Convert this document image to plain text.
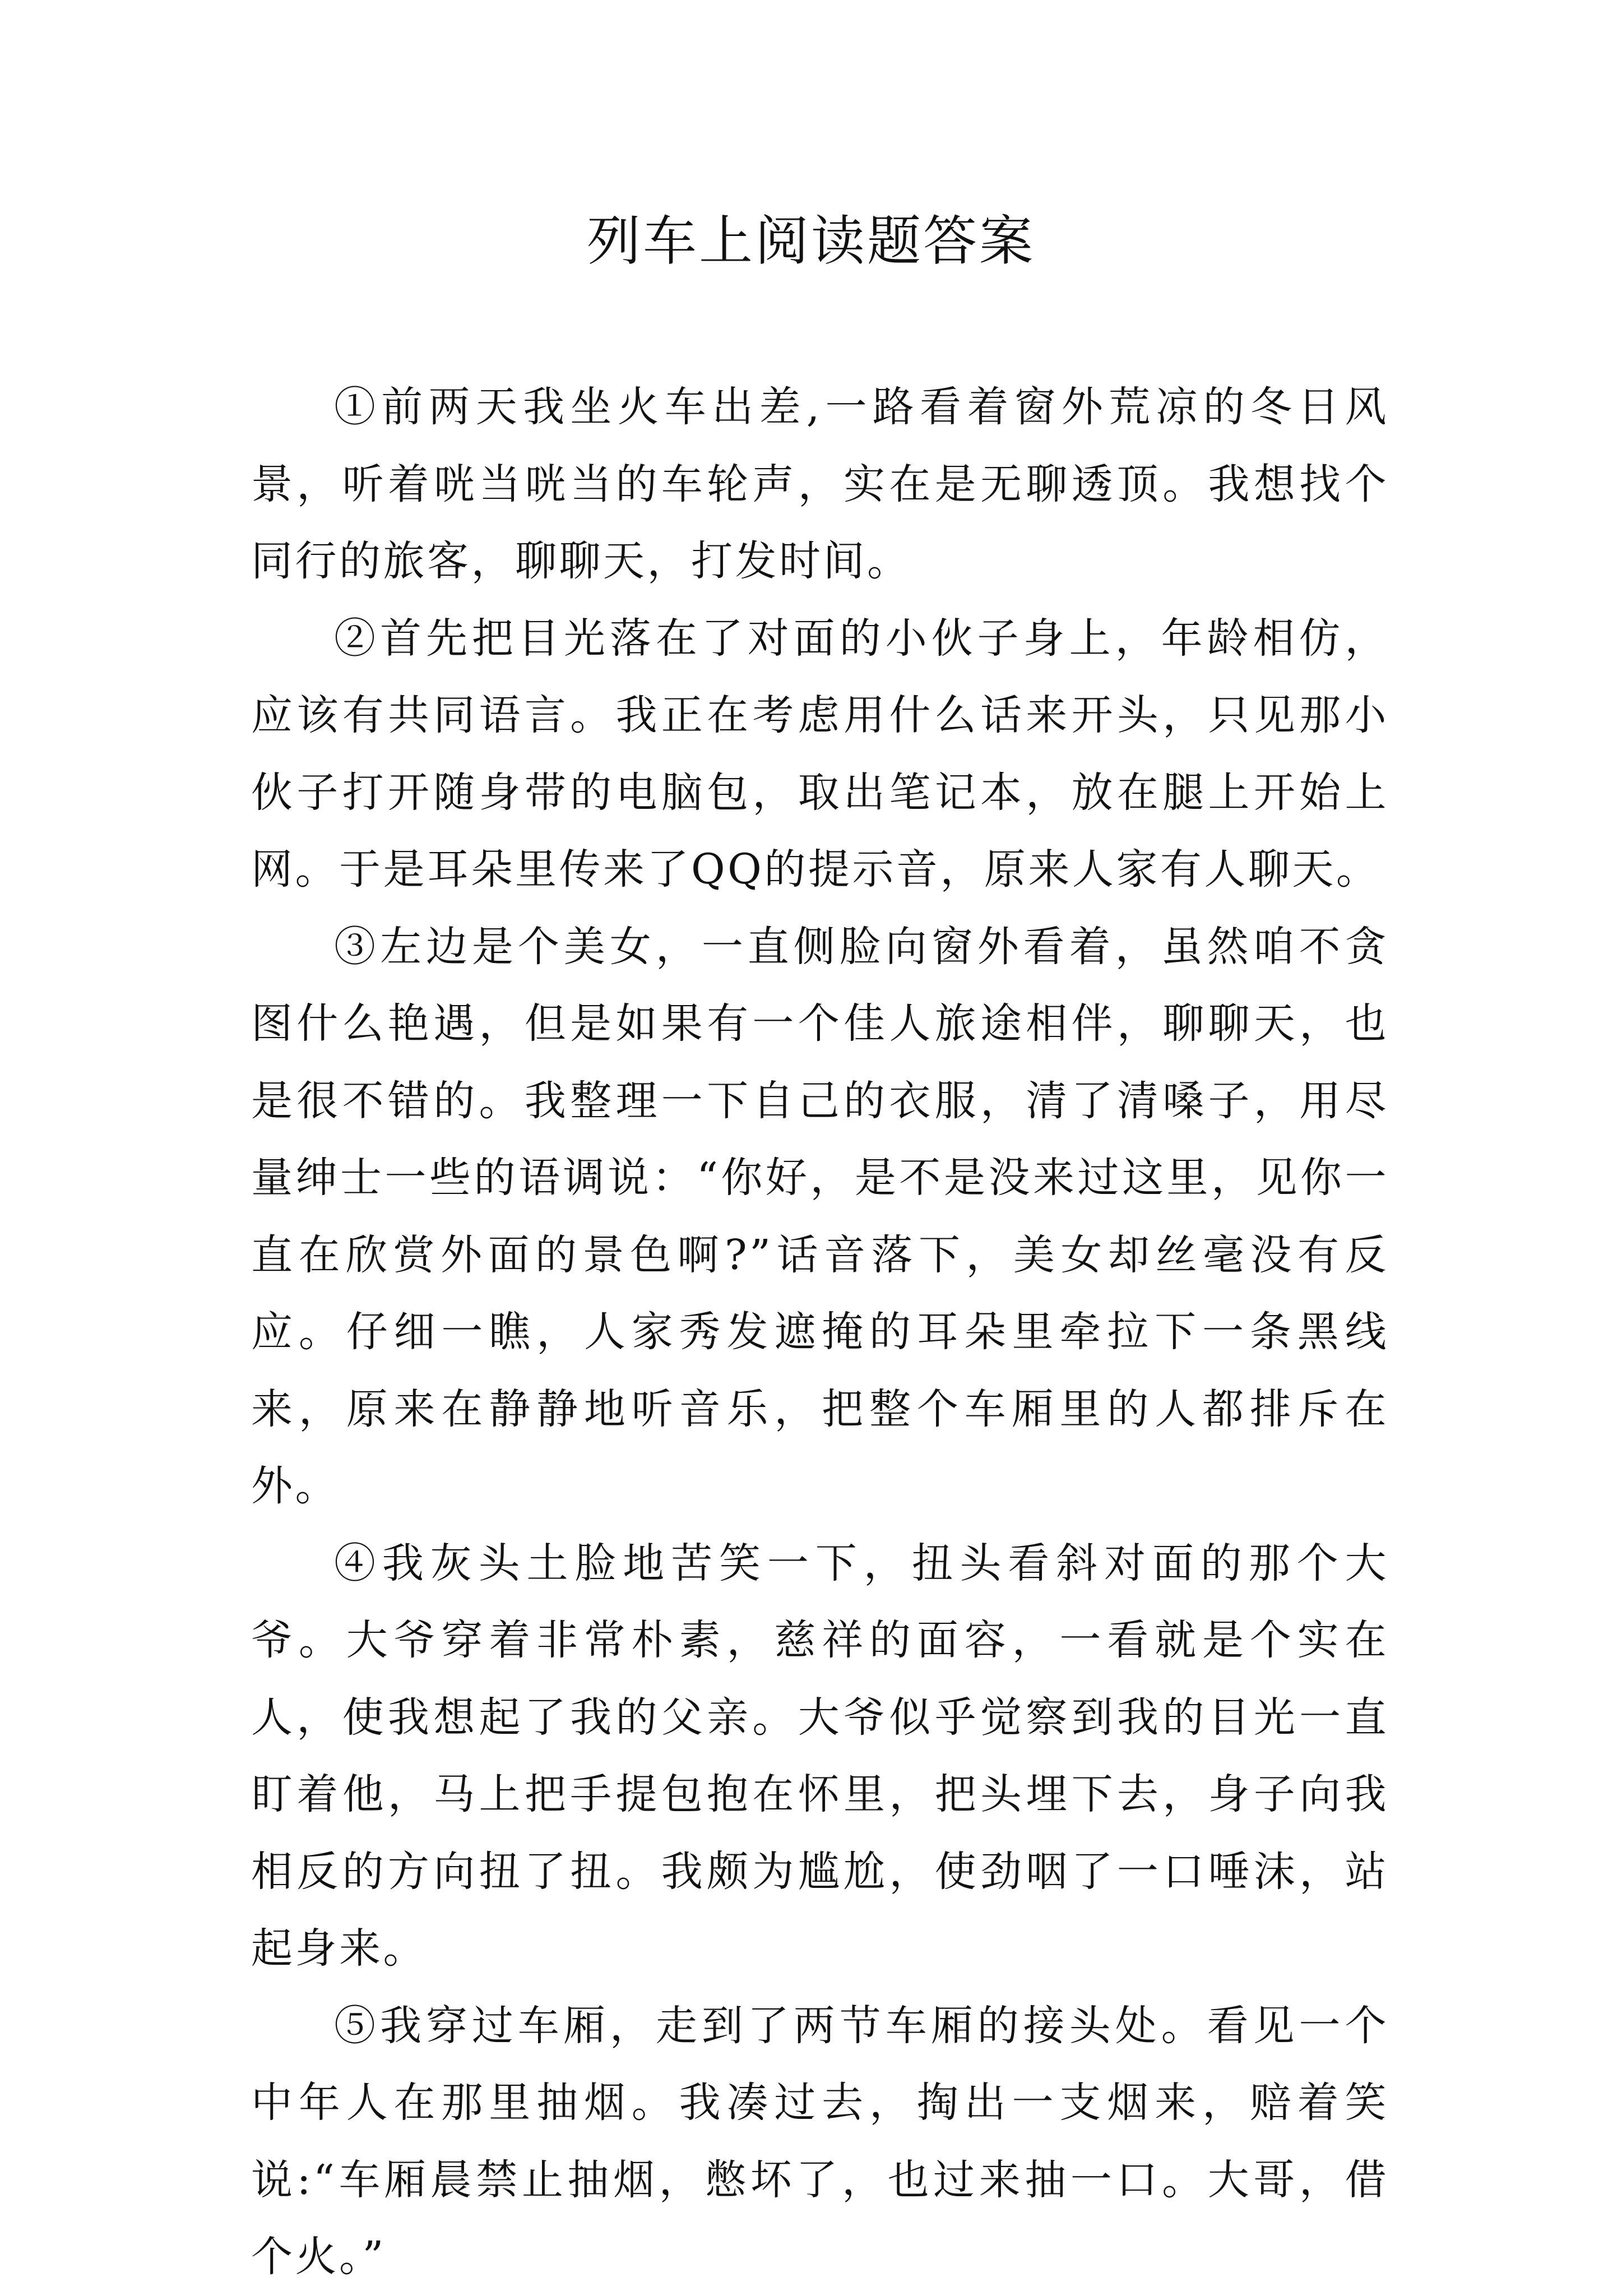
列车上阅读题答案

①前两天我坐火车出差,一路看着窗外荒凉的冬日风景，听着咣当咣当的车轮声，实在是无聊透顶。我想找个同行的旅客，聊聊天，打发时间。

②首先把目光落在了对面的小伙子身上，年龄相仿，应该有共同语言。我正在考虑用什么话来开头，只见那小伙子打开随身带的电脑包，取出笔记本，放在腿上开始上网。于是耳朵里传来了QQ的提示音，原来人家有人聊天。

③左边是个美女，一直侧脸向窗外看着，虽然咱不贪图什么艳遇，但是如果有一个佳人旅途相伴，聊聊天，也是很不错的。我整理一下自己的衣服，清了清嗓子，用尽量绅士一些的语调说：“你好，是不是没来过这里，见你一直在欣赏外面的景色啊?”话音落下，美女却丝毫没有反应。仔细一瞧，人家秀发遮掩的耳朵里牵拉下一条黑线来，原来在静静地听音乐，把整个车厢里的人都排斥在外。

④我灰头土脸地苦笑一下，扭头看斜对面的那个大爷。大爷穿着非常朴素，慈祥的面容，一看就是个实在人，使我想起了我的父亲。大爷似乎觉察到我的目光一直盯着他，马上把手提包抱在怀里，把头埋下去，身子向我相反的方向扭了扭。我颇为尴尬，使劲咽了一口唾沫，站起身来。

⑤我穿过车厢，走到了两节车厢的接头处。看见一个中年人在那里抽烟。我凑过去，掏出一支烟来，赔着笑说:“车厢晨禁止抽烟，憋坏了，也过来抽一口。大哥，借个火。”
